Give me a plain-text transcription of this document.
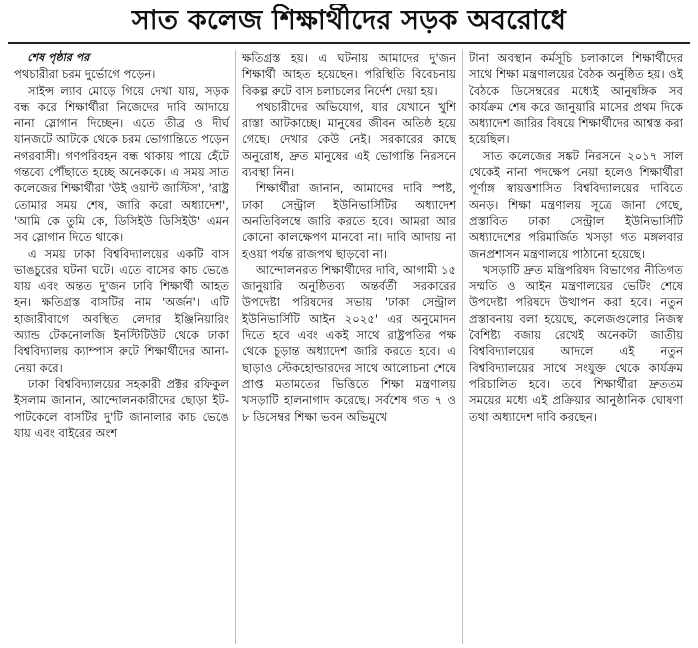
সাত কলেজ শিক্ষার্থীদের সড়ক অবরোধে

শেষ পৃষ্ঠার পর

পথচারীরা চরম দুর্ভোগে পড়েন।

সাইন্স ল্যাব মোড়ে গিয়ে দেখা যায়, সড়ক বন্ধ করে শিক্ষার্থীরা নিজেদের দাবি আদায়ে নানা স্লোগান দিচ্ছেন। এতে তীব্র ও দীর্ঘ যানজটে আটকে থেকে চরম ভোগান্তিতে পড়েন নগরবাসী। গণপরিবহন বন্ধ থাকায় পায়ে হেঁটে গন্তব্যে পৌঁছাতে হচ্ছে অনেককে। এ সময় সাত কলেজের শিক্ষার্থীরা 'উই ওয়ান্ট জাস্টিস', 'রাষ্ট্র তোমার সময় শেষ, জারি করো অধ্যাদেশ', 'আমি কে তুমি কে, ডিসিইউ ডিসিইউ' এমন সব স্লোগান দিতে থাকে।

এ সময় ঢাকা বিশ্ববিদ্যালয়ের একটি বাস ভাঙচুরের ঘটনা ঘটে। এতে বাসের কাচ ভেঙে যায় এবং অন্তত দু'জন ঢাবি শিক্ষার্থী আহত হন। ক্ষতিগ্রস্ত বাসটির নাম 'অর্জন'। এটি হাজারীবাগে অবস্থিত লেদার ইঞ্জিনিয়ারিং অ্যান্ড টেকনোলজি ইনস্টিটিউট থেকে ঢাকা বিশ্ববিদ্যালয় ক্যাম্পাস রুটে শিক্ষার্থীদের আনা-নেয়া করে।

ঢাকা বিশ্ববিদ্যালয়ের সহকারী প্রক্টর রফিকুল ইসলাম জানান, আন্দোলনকারীদের ছোড়া ইট-পাটকেলে বাসটির দু'টি জানালার কাচ ভেঙে যায় এবং বাইরের অংশ

ক্ষতিগ্রস্ত হয়। এ ঘটনায় আমাদের দু'জন শিক্ষার্থী আহত হয়েছেন। পরিস্থিতি বিবেচনায় বিকল্প রুটে বাস চলাচলের নির্দেশ দেয়া হয়।

পথচারীদের অভিযোগ, যার যেখানে খুশি রাস্তা আটকাচ্ছে। মানুষের জীবন অতিষ্ঠ হয়ে গেছে। দেখার কেউ নেই। সরকারের কাছে অনুরোধ, দ্রুত মানুষের এই ভোগান্তি নিরসনে ব্যবস্থা নিন।

শিক্ষার্থীরা জানান, আমাদের দাবি স্পষ্ট, ঢাকা সেন্ট্রাল ইউনিভার্সিটির অধ্যাদেশ অনতিবিলম্বে জারি করতে হবে। আমরা আর কোনো কালক্ষেপণ মানবো না। দাবি আদায় না হওয়া পর্যন্ত রাজপথ ছাড়বো না।

আন্দোলনরত শিক্ষার্থীদের দাবি, আগামী ১৫ জানুয়ারি অনুষ্ঠিতব্য অন্তর্বর্তী সরকারের উপদেষ্টা পরিষদের সভায় 'ঢাকা সেন্ট্রাল ইউনিভার্সিটি আইন ২০২৫' এর অনুমোদন দিতে হবে এবং একই সাথে রাষ্ট্রপতির পক্ষ থেকে চূড়ান্ত অধ্যাদেশ জারি করতে হবে। এ ছাড়াও স্টেকহোল্ডারদের সাথে আলোচনা শেষে প্রাপ্ত মতামতের ভিত্তিতে শিক্ষা মন্ত্রণালয় খসড়াটি হালনাগাদ করেছে। সর্বশেষ গত ৭ ও ৮ ডিসেম্বর শিক্ষা ভবন অভিমুখে

টানা অবস্থান কর্মসূচি চলাকালে শিক্ষার্থীদের সাথে শিক্ষা মন্ত্রণালয়ের বৈঠক অনুষ্ঠিত হয়। ওই বৈঠকে ডিসেম্বরের মধ্যেই আনুষঙ্গিক সব কার্যক্রম শেষ করে জানুয়ারি মাসের প্রথম দিকে অধ্যাদেশ জারির বিষয়ে শিক্ষার্থীদের আশ্বস্ত করা হয়েছিল।

সাত কলেজের সঙ্কট নিরসনে ২০১৭ সাল থেকেই নানা পদক্ষেপ নেয়া হলেও শিক্ষার্থীরা পূর্ণাঙ্গ স্বায়ত্তশাসিত বিশ্ববিদ্যালয়ের দাবিতে অনড়। শিক্ষা মন্ত্রণালয় সূত্রে জানা গেছে, প্রস্তাবিত ঢাকা সেন্ট্রাল ইউনিভার্সিটি অধ্যাদেশের পরিমার্জিত খসড়া গত মঙ্গলবার জনপ্রশাসন মন্ত্রণালয়ে পাঠানো হয়েছে।

খসড়াটি দ্রুত মন্ত্রিপরিষদ বিভাগের নীতিগত সম্মতি ও আইন মন্ত্রণালয়ের ভেটিং শেষে উপদেষ্টা পরিষদে উত্থাপন করা হবে। নতুন প্রস্তাবনায় বলা হয়েছে, কলেজগুলোর নিজস্ব বৈশিষ্ট্য বজায় রেখেই অনেকটা জাতীয় বিশ্ববিদ্যালয়ের আদলে এই নতুন বিশ্ববিদ্যালয়ের সাথে সংযুক্ত থেকে কার্যক্রম পরিচালিত হবে। তবে শিক্ষার্থীরা দ্রুততম সময়ের মধ্যে এই প্রক্রিয়ার আনুষ্ঠানিক ঘোষণা তথা অধ্যাদেশ দাবি করছেন।
